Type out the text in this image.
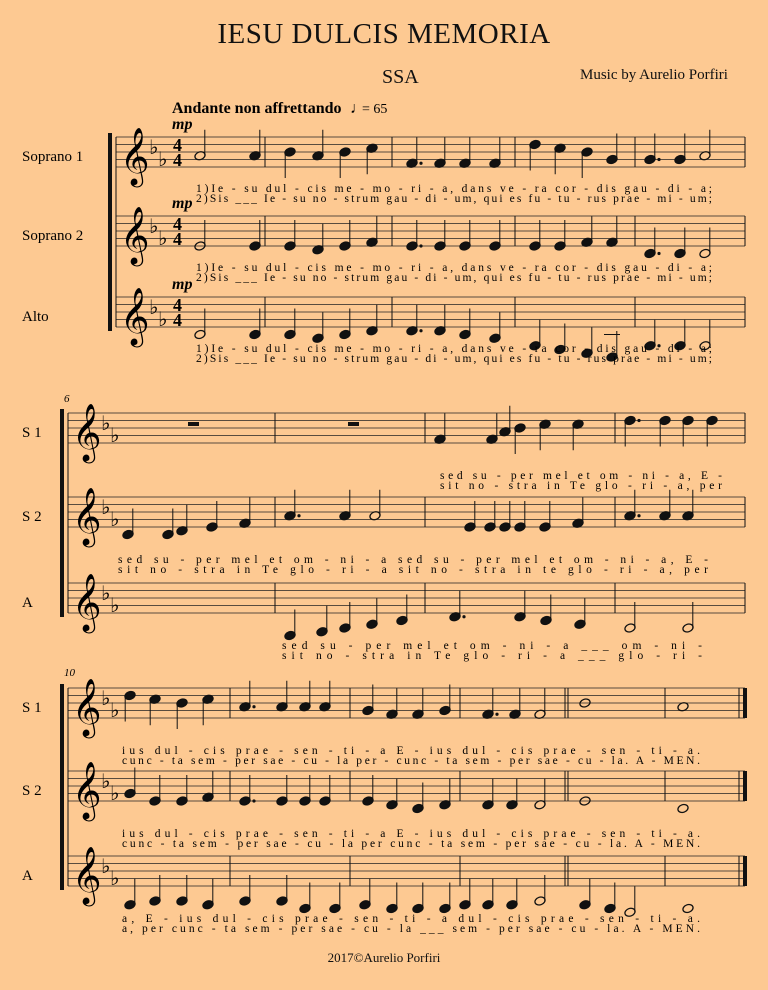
IESU DULCIS MEMORIA
SSA	Music by Aurelio Porfiri
2017©Aurelio Porfiri
𝄞 ♭
♭
4
4
mp
Soprano 1
1)Ie - su dul - cis me - mo - ri - a, dans ve - ra cor - dis gau - di - a;
2)Sis ___ Ie - su no - strum gau - di - um, qui es fu - tu - rus prae - mi - um;
𝄞 ♭
♭
4
4
mp
Soprano 2
1)Ie - su dul - cis me - mo - ri - a, dans ve - ra cor - dis gau - di - a;
2)Sis ___ Ie - su no - strum gau - di - um, qui es fu - tu - rus prae - mi - um;
𝄞 ♭
♭
4
4
mp
Alto
1)Ie - su dul - cis me - mo - ri - a, dans ve - ra cor - dis gau - di - a;
2)Sis ___ Ie - su no - strum gau - di - um, qui es fu - tu - rus prae - mi - um;
𝄞 ♭
♭
S 1
sed su - per mel et om - ni - a, E -
sit no - stra in Te glo - ri - a, per
𝄞 ♭
♭
S 2
sed su - per mel et om - ni - a sed su - per mel et om - ni - a, E -
sit no - stra in Te glo - ri - a sit no - stra in te glo - ri - a, per
𝄞 ♭
♭
A
sed su - per mel et om - ni - a ___ om - ni -
sit no - stra in Te glo - ri - a ___ glo - ri -
6
𝄞 ♭
♭
S 1
ius dul - cis prae - sen - ti - a E - ius dul - cis prae - sen - ti - a.
cunc - ta sem - per sae - cu - la per - cunc - ta sem - per sae - cu - la. A - MEN.
𝄞 ♭
♭
S 2
ius dul - cis prae - sen - ti - a E - ius dul - cis prae - sen - ti - a.
cunc - ta sem - per sae - cu - la per cunc - ta sem - per sae - cu - la. A - MEN.
𝄞 ♭
♭
A
a, E - ius dul - cis prae - sen - ti - a dul - cis prae - sen - ti - a.
a, per cunc - ta sem - per sae - cu - la ___ sem - per sae - cu - la. A - MEN.
10
Andante non affrettando ♩
= 65
